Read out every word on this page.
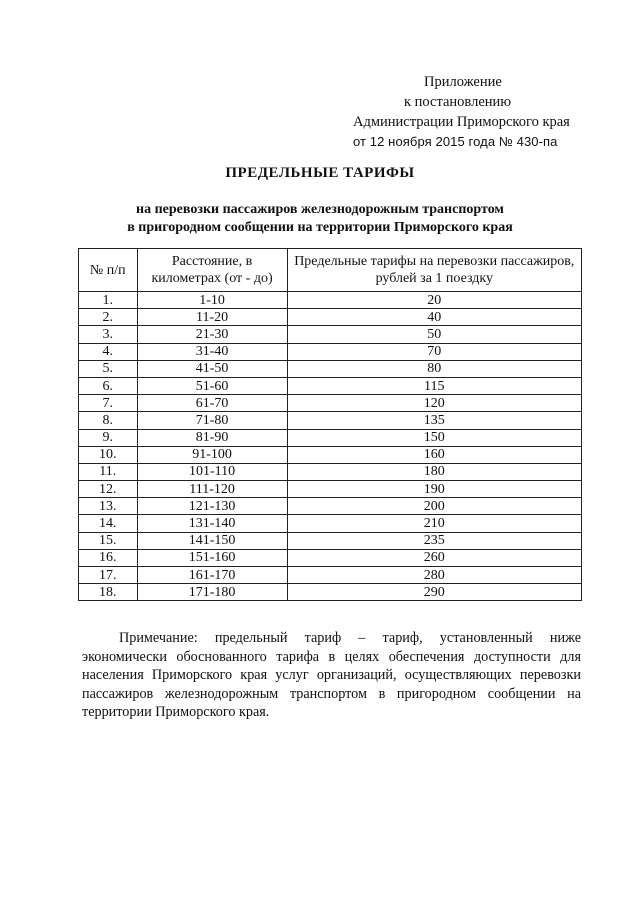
Приложение
к постановлению
Администрации Приморского края
от 12 ноября 2015 года № 430-па
ПРЕДЕЛЬНЫЕ ТАРИФЫ
на перевозки пассажиров железнодорожным транспортом
в пригородном сообщении на территории Приморского края
№ п/п	Расстояние, в километрах (от - до)	Предельные тарифы на перевозки пассажиров, рублей за 1 поездку
1.	1-10	20
2.	11-20	40
3.	21-30	50
4.	31-40	70
5.	41-50	80
6.	51-60	115
7.	61-70	120
8.	71-80	135
9.	81-90	150
10.	91-100	160
11.	101-110	180
12.	111-120	190
13.	121-130	200
14.	131-140	210
15.	141-150	235
16.	151-160	260
17.	161-170	280
18.	171-180	290
Примечание: предельный тариф – тариф, установленный ниже экономически обоснованного тарифа в целях обеспечения доступности для населения Приморского края услуг организаций, осуществляющих перевозки пассажиров железнодорожным транспортом в пригородном сообщении на территории Приморского края.
